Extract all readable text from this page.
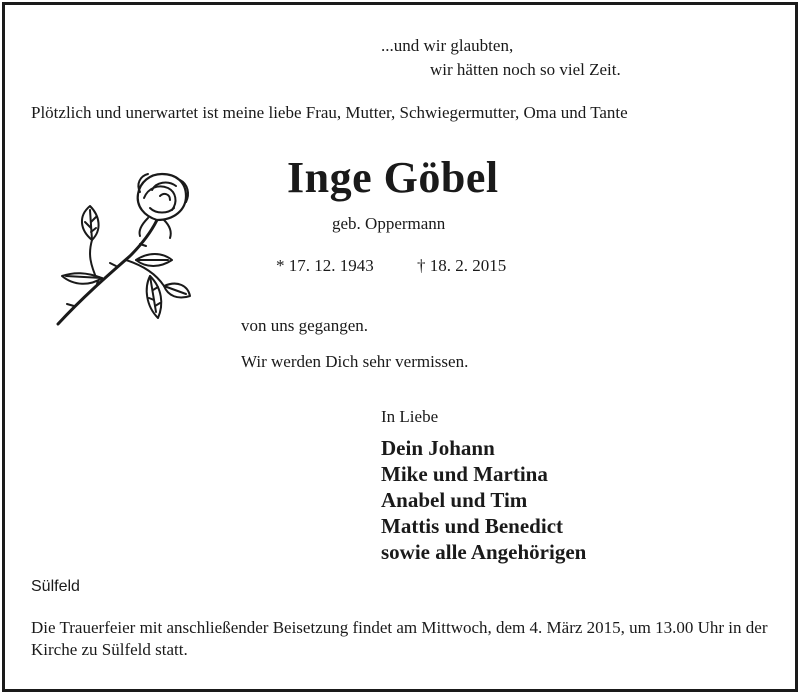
...und wir glaubten,
wir hätten noch so viel Zeit.
Plötzlich und unerwartet ist meine liebe Frau, Mutter, Schwiegermutter, Oma und Tante
Inge Göbel
geb. Oppermann
* 17. 12. 1943	† 18. 2. 2015
von uns gegangen.
Wir werden Dich sehr vermissen.
In Liebe
Dein Johann
Mike und Martina
Anabel und Tim
Mattis und Benedict
sowie alle Angehörigen
Sülfeld
Die Trauerfeier mit anschließender Beisetzung findet am Mittwoch, dem 4. März 2015, um 13.00 Uhr in der Kirche zu Sülfeld statt.
